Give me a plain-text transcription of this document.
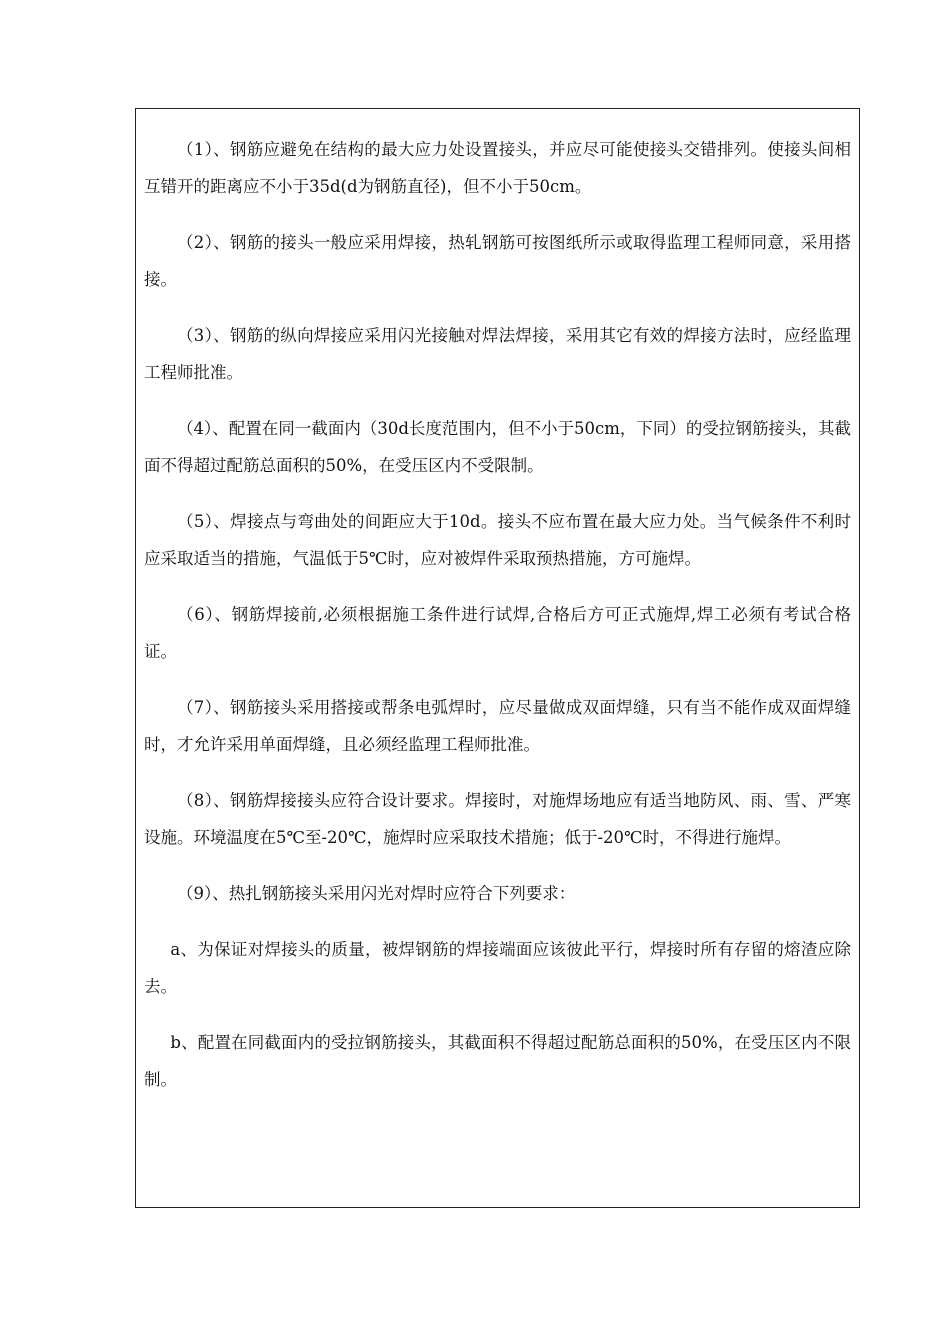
（1）、钢筋应避免在结构的最大应力处设置接头，并应尽可能使接头交错排列。使接头间相互错开的距离应不小于35d(d为钢筋直径)，但不小于50cm。

（2）、钢筋的接头一般应采用焊接，热轧钢筋可按图纸所示或取得监理工程师同意，采用搭接。

（3）、钢筋的纵向焊接应采用闪光接触对焊法焊接，采用其它有效的焊接方法时，应经监理工程师批准。

（4）、配置在同一截面内（30d长度范围内，但不小于50cm，下同）的受拉钢筋接头，其截面不得超过配筋总面积的50%，在受压区内不受限制。

（5）、焊接点与弯曲处的间距应大于10d。接头不应布置在最大应力处。当气候条件不利时应采取适当的措施，气温低于5℃时，应对被焊件采取预热措施，方可施焊。

（6）、钢筋焊接前,必须根据施工条件进行试焊,合格后方可正式施焊,焊工必须有考试合格证。

（7）、钢筋接头采用搭接或帮条电弧焊时，应尽量做成双面焊缝，只有当不能作成双面焊缝时，才允许采用单面焊缝，且必须经监理工程师批准。

（8）、钢筋焊接接头应符合设计要求。焊接时，对施焊场地应有适当地防风、雨、雪、严寒设施。环境温度在5℃至-20℃，施焊时应采取技术措施；低于-20℃时，不得进行施焊。

（9）、热扎钢筋接头采用闪光对焊时应符合下列要求：

a、为保证对焊接头的质量，被焊钢筋的焊接端面应该彼此平行，焊接时所有存留的熔渣应除去。

b、配置在同截面内的受拉钢筋接头，其截面积不得超过配筋总面积的50%，在受压区内不限制。
